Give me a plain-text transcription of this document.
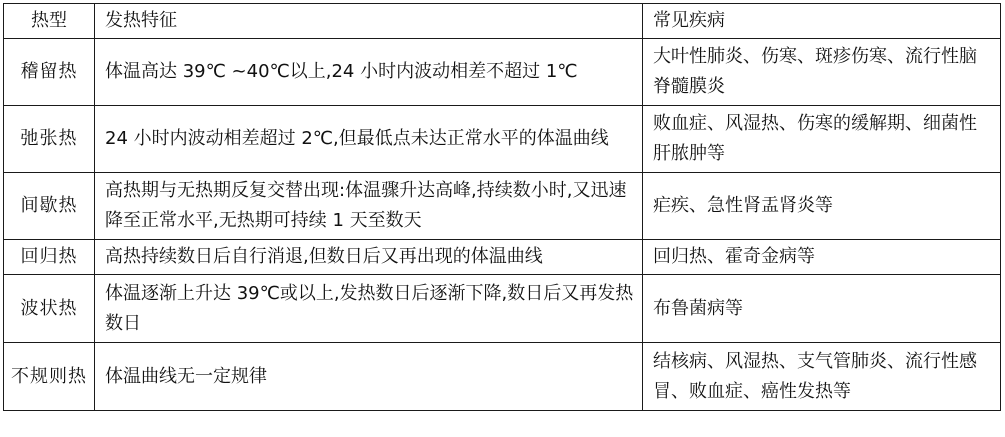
热型	发热特征	常见疾病
稽留热	体温高达 39℃ ~40℃以上,24 小时内波动相差不超过 1℃	大叶性肺炎、伤寒、斑疹伤寒、流行性脑脊髓膜炎
弛张热	24 小时内波动相差超过 2℃,但最低点未达正常水平的体温曲线	败血症、风湿热、伤寒的缓解期、细菌性肝脓肿等
间歇热	高热期与无热期反复交替出现:体温骤升达高峰,持续数小时,又迅速降至正常水平,无热期可持续 1 天至数天	疟疾、急性肾盂肾炎等
回归热	高热持续数日后自行消退,但数日后又再出现的体温曲线	回归热、霍奇金病等
波状热	体温逐渐上升达 39℃或以上,发热数日后逐渐下降,数日后又再发热数日	布鲁菌病等
不规则热	体温曲线无一定规律	结核病、风湿热、支气管肺炎、流行性感冒、败血症、癌性发热等
